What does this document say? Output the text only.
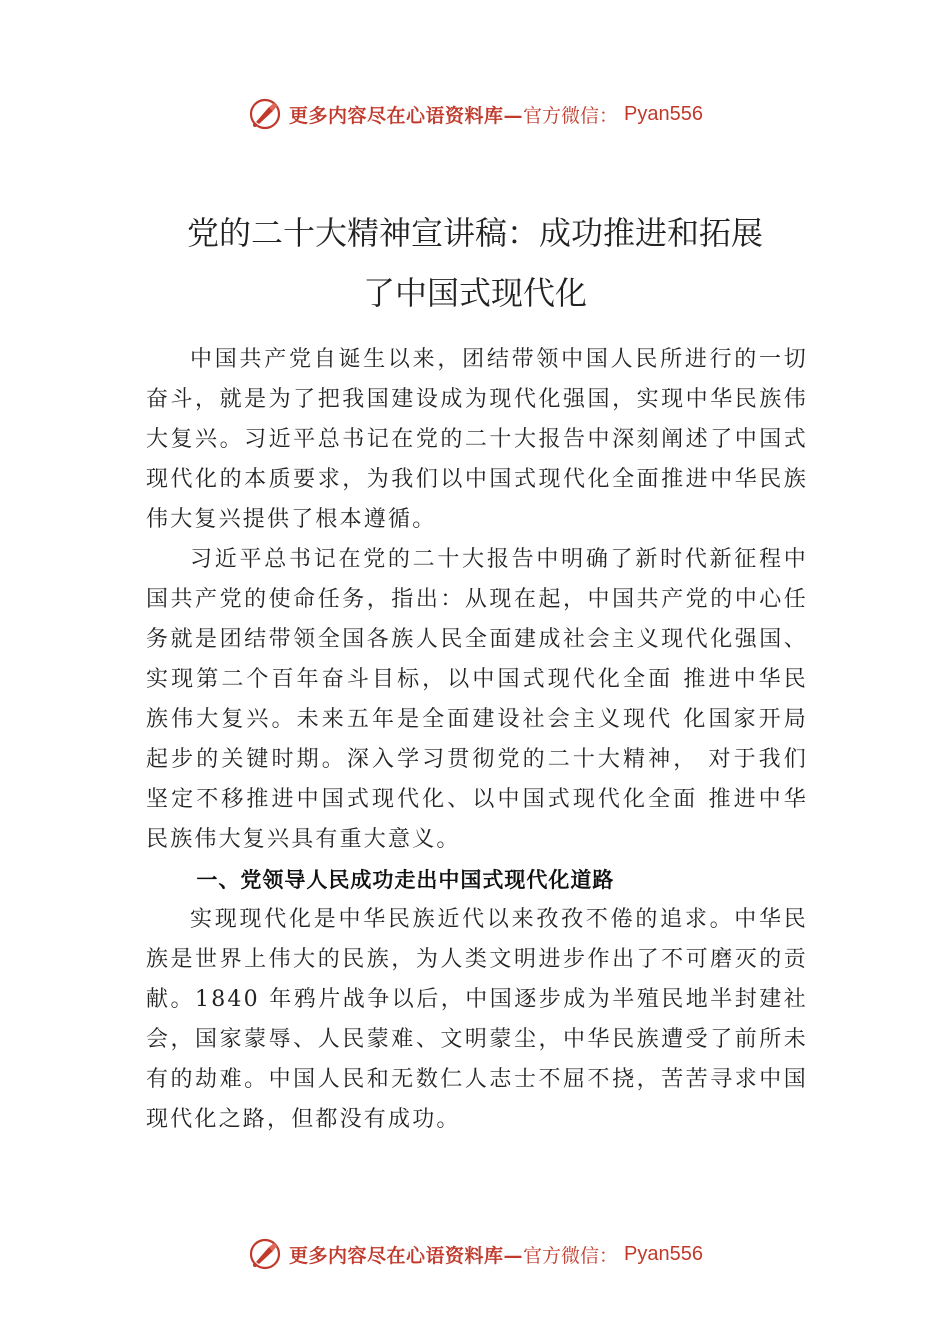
更多内容尽在心语资料库— 官方微信： Pyan556
党的二十大精神宣讲稿：成功推进和拓展
了中国式现代化

中国共产党自诞生以来，团结带领中国人民所进行的一切奋斗，就是为了把我国建设成为现代化强国，实现中华民族伟大复兴。习近平总书记在党的二十大报告中深刻阐述了中国式现代化的本质要求，为我们以中国式现代化全面推进中华民族伟大复兴提供了根本遵循。

习近平总书记在党的二十大报告中明确了新时代新征程中国共产党的使命任务，指出：从现在起，中国共产党的中心任务就是团结带领全国各族人民全面建成社会主义现代化强国、实现第二个百年奋斗目标，以中国式现代化全面 推进中华民族伟大复兴。未来五年是全面建设社会主义现代 化国家开局起步的关键时期。深入学习贯彻党的二十大精神， 对于我们坚定不移推进中国式现代化、以中国式现代化全面 推进中华民族伟大复兴具有重大意义。

一、党领导人民成功走出中国式现代化道路

实现现代化是中华民族近代以来孜孜不倦的追求。中华民族是世界上伟大的民族，为人类文明进步作出了不可磨灭的贡献。1840 年鸦片战争以后，中国逐步成为半殖民地半封建社会，国家蒙辱、人民蒙难、文明蒙尘，中华民族遭受了前所未有的劫难。中国人民和无数仁人志士不屈不挠，苦苦寻求中国现代化之路，但都没有成功。

更多内容尽在心语资料库— 官方微信： Pyan556
